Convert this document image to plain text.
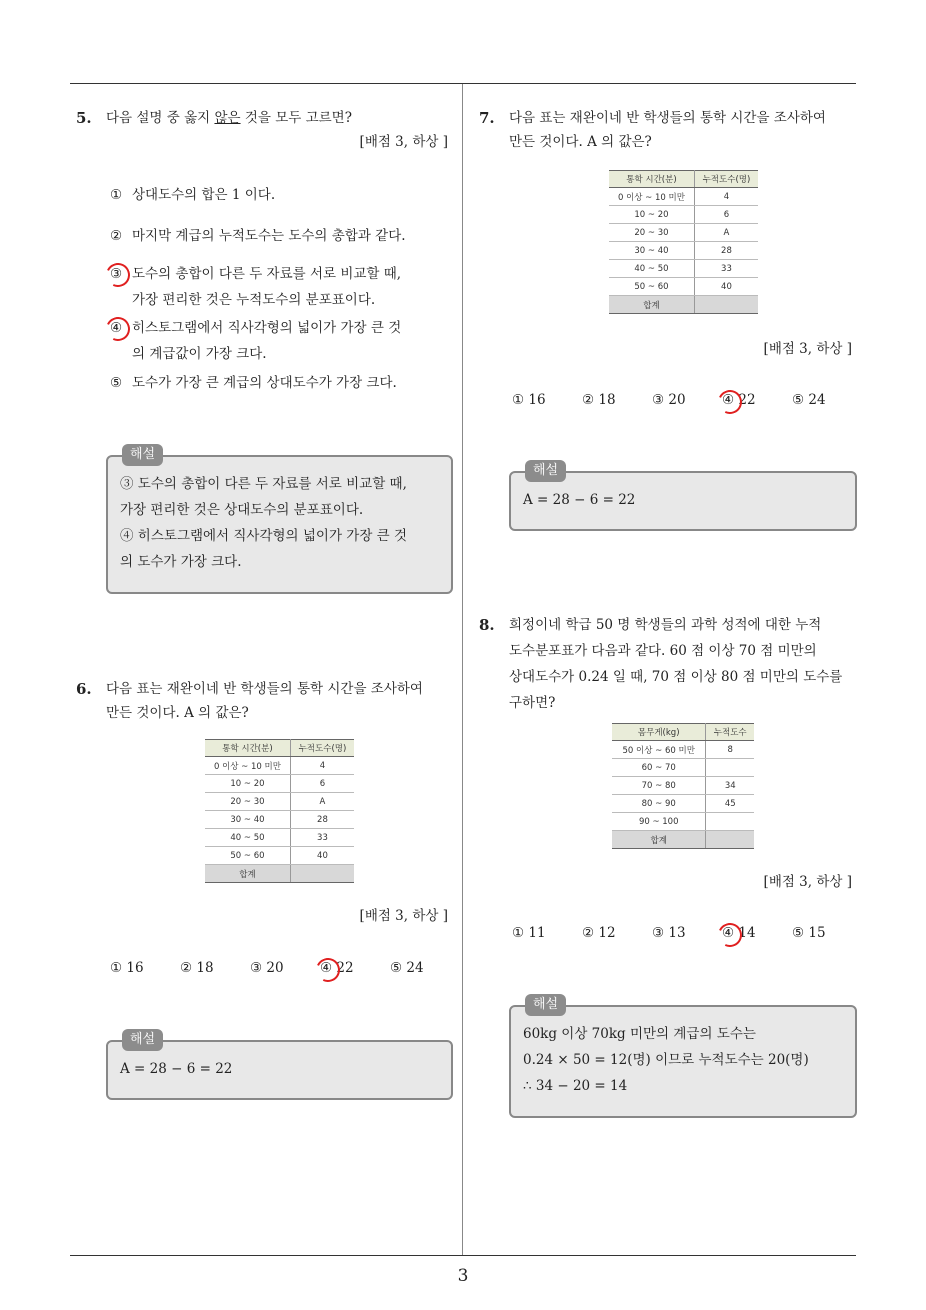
3
5.	다음 설명 중 옳지 않은 것을 모두 고르면?
[배점 3, 하상 ]
① 상대도수의 합은 1 이다.
② 마지막 계급의 누적도수는 도수의 총합과 같다.
③ 도수의 총합이 다른 두 자료를 서로 비교할 때,
가장 편리한 것은 누적도수의 분포표이다.
④ 히스토그램에서 직사각형의 넓이가 가장 큰 것
의 계급값이 가장 크다.
⑤ 도수가 가장 큰 계급의 상대도수가 가장 크다.
해설
③ 도수의 총합이 다른 두 자료를 서로 비교할 때,
가장 편리한 것은 상대도수의 분포표이다.
④ 히스토그램에서 직사각형의 넓이가 가장 큰 것
의 도수가 가장 크다.
6.	다음 표는 재완이네 반 학생들의 통학 시간을 조사하여
만든 것이다. A 의 값은?
통학 시간(분)	누적도수(명)
0 이상 ~ 10 미만	4
10 ~ 20	6
20 ~ 30	A
30 ~ 40	28
40 ~ 50	33
50 ~ 60	40
합계	
[배점 3, 하상 ]
① 16	② 18	③ 20	④ 22	⑤ 24
해설
A = 28 − 6 = 22
7.	다음 표는 재완이네 반 학생들의 통학 시간을 조사하여
만든 것이다. A 의 값은?
통학 시간(분)	누적도수(명)
0 이상 ~ 10 미만	4
10 ~ 20	6
20 ~ 30	A
30 ~ 40	28
40 ~ 50	33
50 ~ 60	40
합계	
[배점 3, 하상 ]
① 16	② 18	③ 20	④ 22	⑤ 24
해설
A = 28 − 6 = 22
8.	희정이네 학급 50 명 학생들의 과학 성적에 대한 누적
도수분포표가 다음과 같다. 60 점 이상 70 점 미만의
상대도수가 0.24 일 때, 70 점 이상 80 점 미만의 도수를
구하면?
몸무게(kg)	누적도수
50 이상 ~ 60 미만	8
60 ~ 70	
70 ~ 80	34
80 ~ 90	45
90 ~ 100	
합계	
[배점 3, 하상 ]
① 11	② 12	③ 13	④ 14	⑤ 15
해설
60kg 이상 70kg 미만의 계급의 도수는
0.24 × 50 = 12(명) 이므로 누적도수는 20(명)
∴ 34 − 20 = 14
